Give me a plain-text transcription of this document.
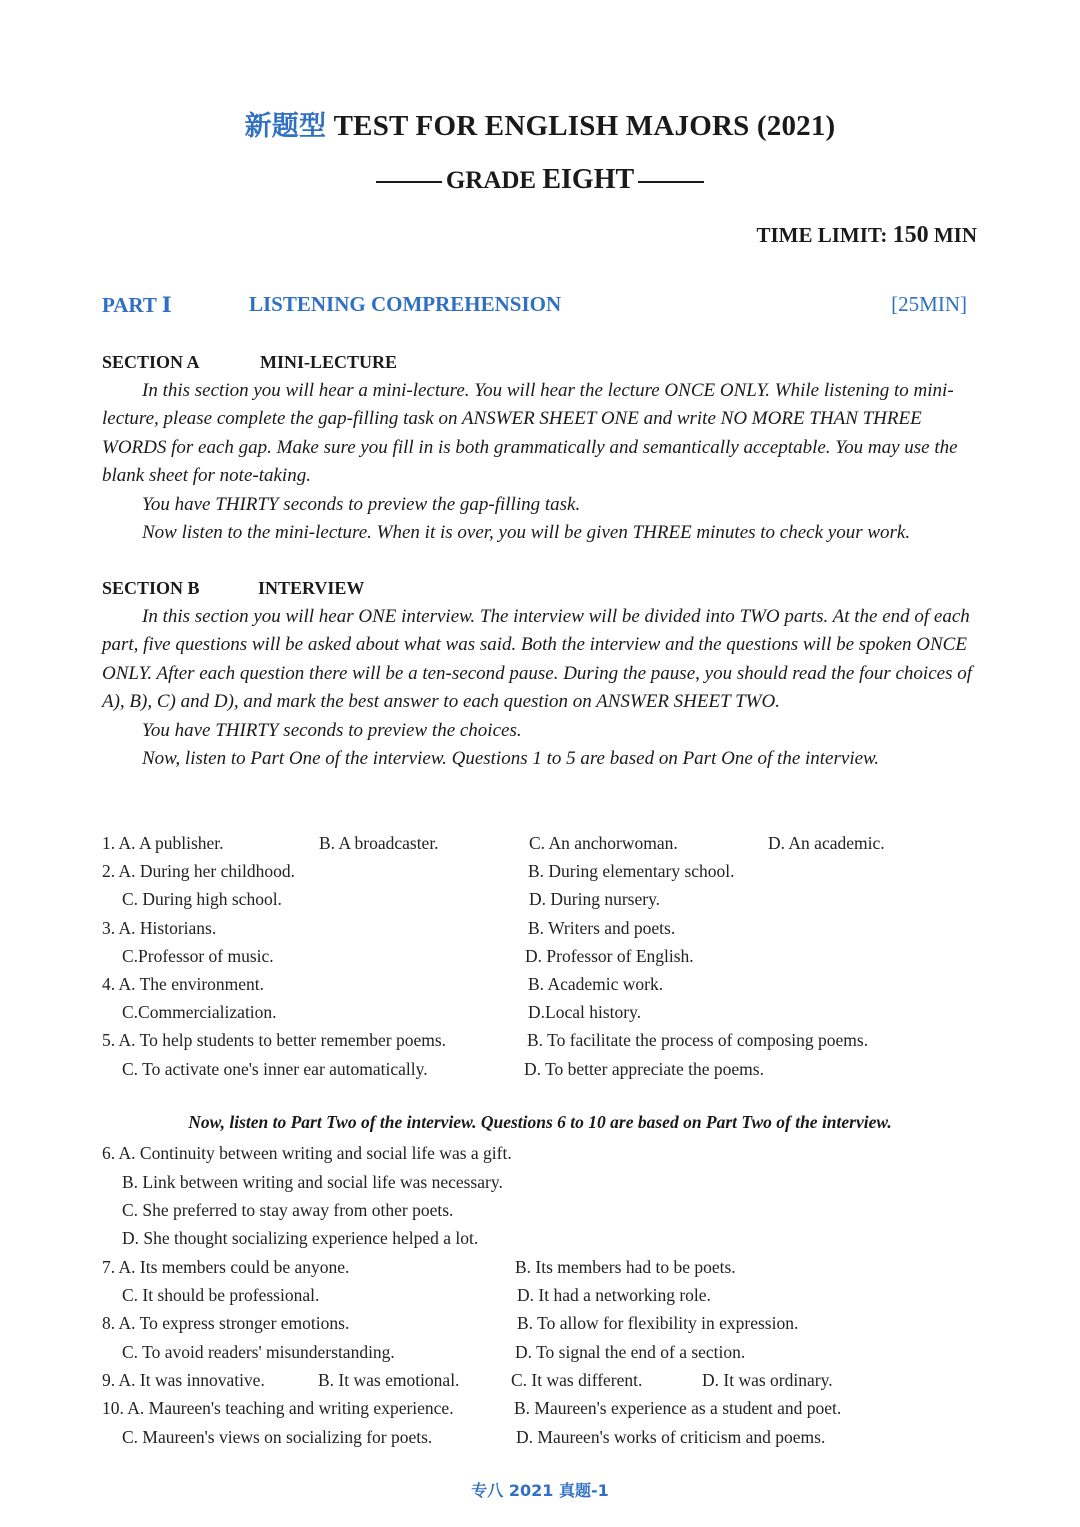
新题型 TEST FOR ENGLISH MAJORS (2021)
GRADE EIGHT
TIME LIMIT: 150 MIN
PART Ⅰ	LISTENING COMPREHENSION	[25MIN]
SECTION A	MINI-LECTURE

In this section you will hear a mini-lecture. You will hear the lecture ONCE ONLY. While listening to mini-lecture, please complete the gap-filling task on ANSWER SHEET ONE and write NO MORE THAN THREE WORDS for each gap. Make sure you fill in is both grammatically and semantically acceptable. You may use the blank sheet for note-taking.

You have THIRTY seconds to preview the gap-filling task.

Now listen to the mini-lecture. When it is over, you will be given THREE minutes to check your work.

SECTION B	INTERVIEW

In this section you will hear ONE interview. The interview will be divided into TWO parts. At the end of each part, five questions will be asked about what was said. Both the interview and the questions will be spoken ONCE ONLY. After each question there will be a ten-second pause. During the pause, you should read the four choices of A), B), C) and D), and mark the best answer to each question on ANSWER SHEET TWO.

You have THIRTY seconds to preview the choices.

Now, listen to Part One of the interview. Questions 1 to 5 are based on Part One of the interview.

1. A. A publisher.	B. A broadcaster.	C. An anchorwoman.	D. An academic.
2. A. During her childhood.	B. During elementary school.
C. During high school.	D. During nursery.
3. A. Historians.	B. Writers and poets.
C.Professor of music.	D. Professor of English.
4. A. The environment.	B. Academic work.
C.Commercialization.	D.Local history.
5. A. To help students to better remember poems.	B. To facilitate the process of composing poems.
C. To activate one's inner ear automatically.	D. To better appreciate the poems.
Now, listen to Part Two of the interview. Questions 6 to 10 are based on Part Two of the interview.
6. A. Continuity between writing and social life was a gift.
B. Link between writing and social life was necessary.
C. She preferred to stay away from other poets.
D. She thought socializing experience helped a lot.
7. A. Its members could be anyone.	B. Its members had to be poets.
C. It should be professional.	D. It had a networking role.
8. A. To express stronger emotions.	B. To allow for flexibility in expression.
C. To avoid readers' misunderstanding.	D. To signal the end of a section.
9. A. It was innovative.	B. It was emotional.	C. It was different.	D. It was ordinary.
10. A. Maureen's teaching and writing experience.	B. Maureen's experience as a student and poet.
C. Maureen's views on socializing for poets.	D. Maureen's works of criticism and poems.
专八 2021 真题-1
